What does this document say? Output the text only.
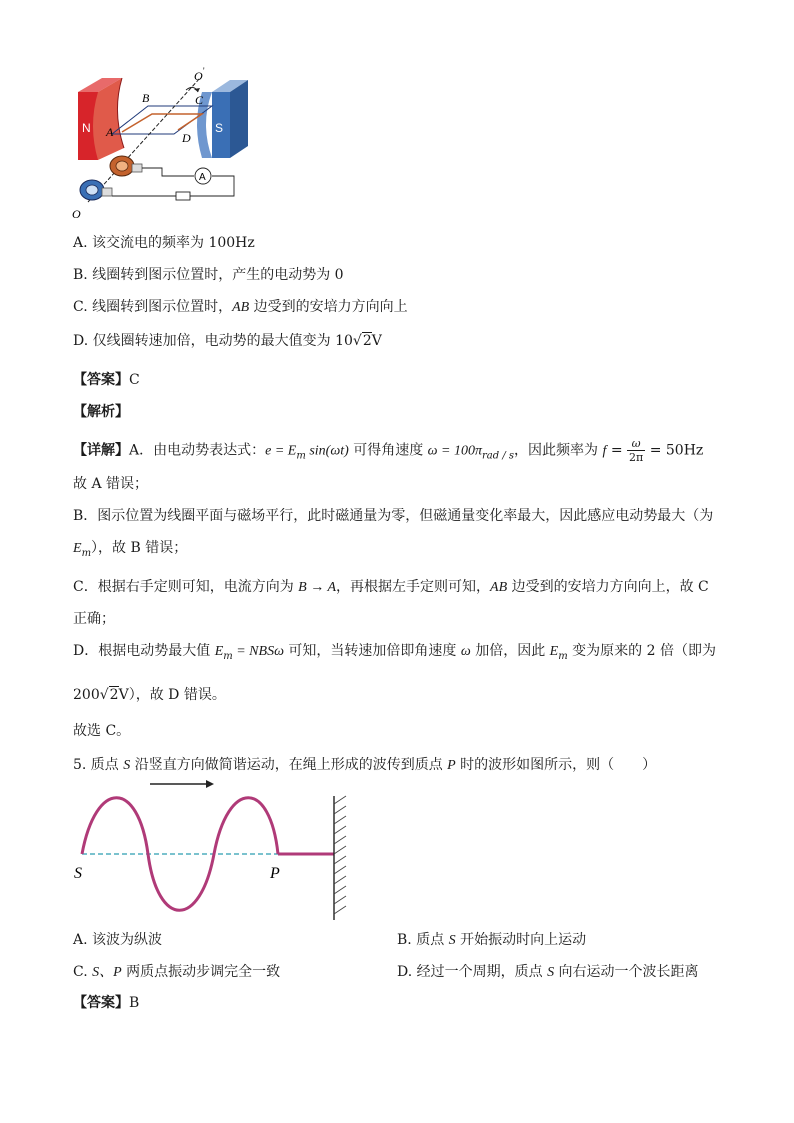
O '
B	C
A	D
N	S
A
O
A. 该交流电的频率为 100Hz
B. 线圈转到图示位置时，产生的电动势为 0
C. 线圈转到图示位置时，AB 边受到的安培力方向向上
D. 仅线圈转速加倍，电动势的最大值变为 10√2V
【答案】C
【解析】
【详解】A．由电动势表达式：$e = E_m$ sin(ωt) 可得角速度 $\omega = 100\pi_{rad / s}$，因此频率为 $f = \frac{\omega}{2\pi} = 50Hz$
故 A 错误；
B．图示位置为线圈平面与磁场平行，此时磁通量为零，但磁通量变化率最大，因此感应电动势最大（为
$E_m$），故 B 错误；
C．根据右手定则可知，电流方向为 B → A，再根据左手定则可知，AB 边受到的安培力方向向上，故 C
正确；
D．根据电动势最大值 $E_m = NBS\omega$ 可知，当转速加倍即角速度 ω 加倍，因此 $E_m$ 变为原来的 2 倍（即为
200√2V），故 D 错误。
故选 C。
5. 质点 S 沿竖直方向做简谐运动，在绳上形成的波传到质点 P 时的波形如图所示，则（　　）
S	P
A. 该波为纵波	B. 质点 S 开始振动时向上运动
C. S、P 两质点振动步调完全一致	D. 经过一个周期，质点 S 向右运动一个波长距离
【答案】B
